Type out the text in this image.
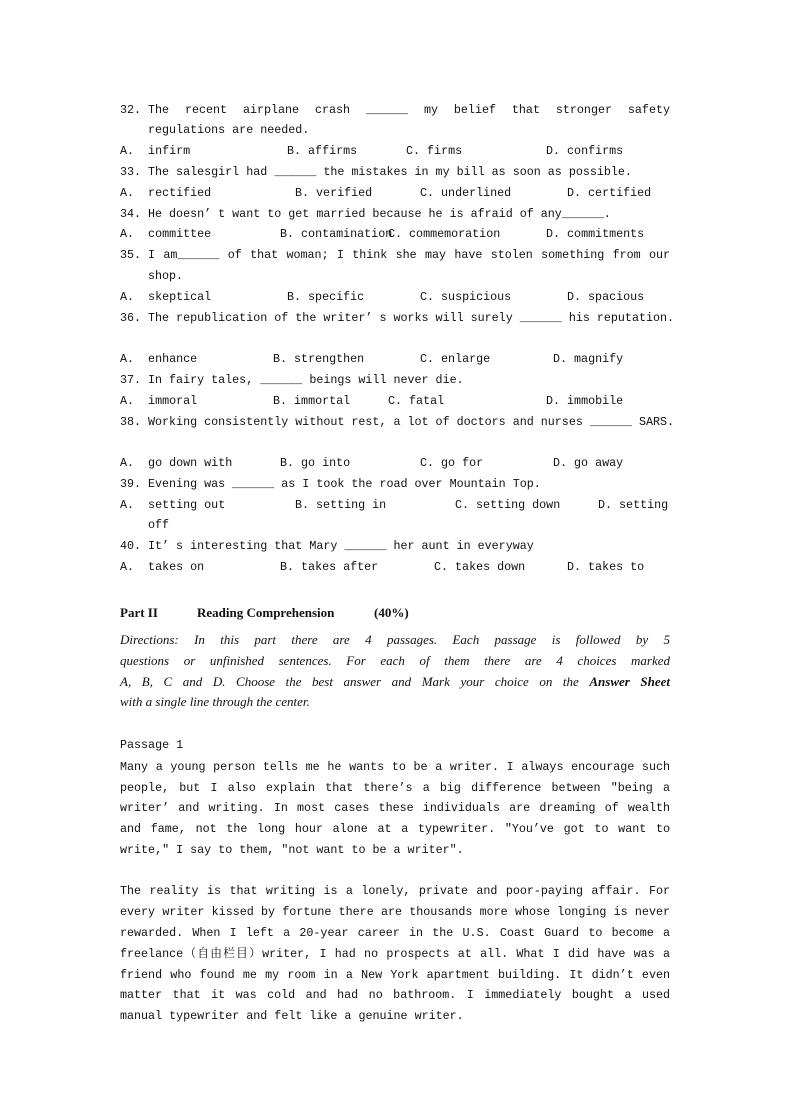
32. The recent airplane crash ______ my belief that stronger safety
regulations are needed.
A.  infirm	B. affirms	C. firms	D. confirms
33. The salesgirl had ______ the mistakes in my bill as soon as possible.
A.  rectified	B. verified	C. underlined	D. certified
34. He doesn’ t want to get married because he is afraid of any______.
A.  committee	B. contamination
C. commemoration	D. commitments
35. I am______ of that woman; I think she may have stolen something from our
shop.
A.  skeptical	B. specific	C. suspicious	D. spacious
36. The republication of the writer’ s works will surely ______ his reputation.
A.  enhance	B. strengthen	C. enlarge	D. magnify
37. In fairy tales, ______ beings will never die.
A.  immoral	B. immortal	C. fatal	D. immobile
38. Working consistently without rest, a lot of doctors and nurses ______ SARS.
A.  go down with	B. go into	C. go for	D. go away
39. Evening was ______ as I took the road over Mountain Top.
A.  setting out	B. setting in	C. setting down	D. setting
off
40. It’ s interesting that Mary ______ her aunt in everyway
A.  takes on	B. takes after	C. takes down	D. takes to
Part II	Reading Comprehension	(40%)
Directions: In this part there are 4 passages. Each passage is followed by 5
questions or unfinished sentences. For each of them there are 4 choices marked
A, B, C and D. Choose the best answer and Mark your choice on the Answer Sheet
with a single line through the center.
Passage 1
Many a young person tells me he wants to be a writer. I always encourage such
people, but I also explain that there’s a big difference between ″being a
writer’ and writing. In most cases these individuals are dreaming of wealth
and fame, not the long hour alone at a typewriter. ″You’ve got to want to
write,″ I say to them, ″not want to be a writer″.
The reality is that writing is a lonely, private and poor-paying affair. For
every writer kissed by fortune there are thousands more whose longing is never
rewarded. When I left a 20-year career in the U.S. Coast Guard to become a
freelance（自由栏目）writer, I had no prospects at all. What I did have was a
friend who found me my room in a New York apartment building. It didn’t even
matter that it was cold and had no bathroom. I immediately bought a used
manual typewriter and felt like a genuine writer.
